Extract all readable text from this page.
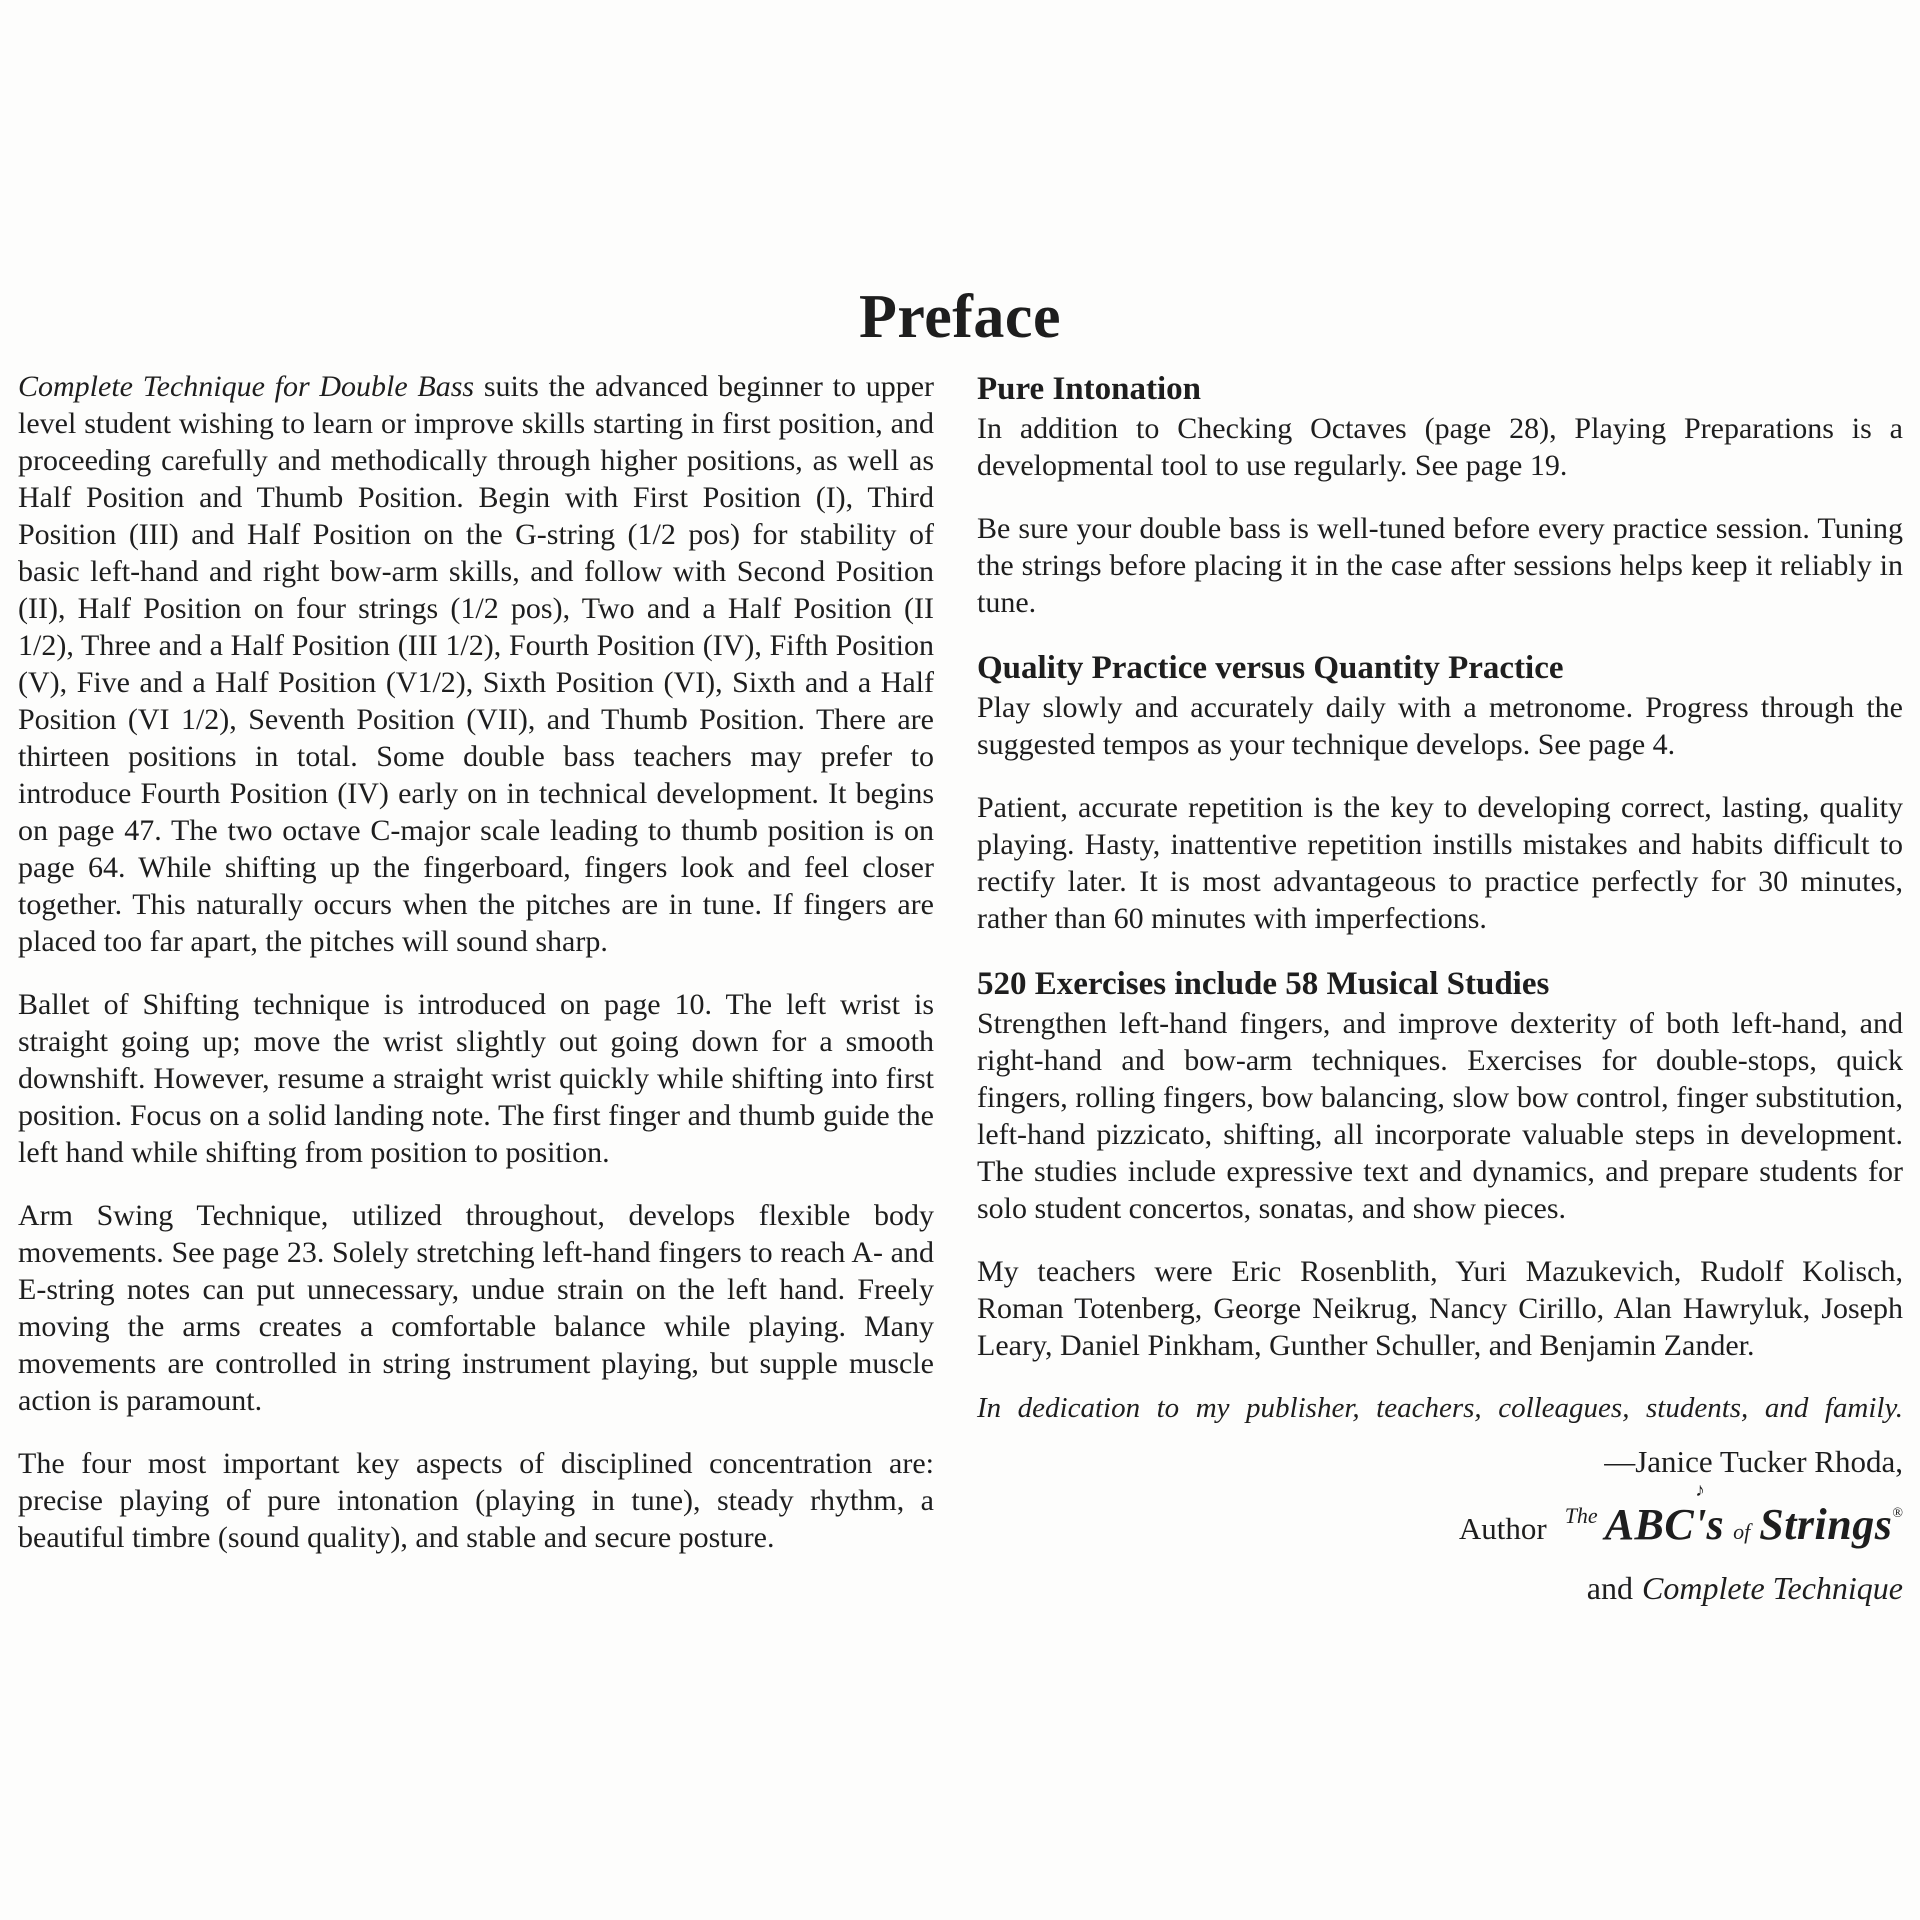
Preface

Complete Technique for Double Bass suits the advanced beginner to upper level student wishing to learn or improve skills starting in first position, and proceeding carefully and methodically through higher positions, as well as Half Position and Thumb Position. Begin with First Position (I), Third Position (III) and Half Position on the G-string (1/2 pos) for stability of basic left-hand and right bow-arm skills, and follow with Second Position (II), Half Position on four strings (1/2 pos), Two and a Half Position (II 1/2), Three and a Half Position (III 1/2), Fourth Position (IV), Fifth Position (V), Five and a Half Position (V1/2), Sixth Position (VI), Sixth and a Half Position (VI 1/2), Seventh Position (VII), and Thumb Position. There are thirteen positions in total. Some double bass teachers may prefer to introduce Fourth Position (IV) early on in technical development. It begins on page 47. The two octave C-major scale leading to thumb position is on page 64. While shifting up the fingerboard, fingers look and feel closer together. This naturally occurs when the pitches are in tune. If fingers are placed too far apart, the pitches will sound sharp.

Ballet of Shifting technique is introduced on page 10. The left wrist is straight going up; move the wrist slightly out going down for a smooth downshift. However, resume a straight wrist quickly while shifting into first position. Focus on a solid landing note. The first finger and thumb guide the left hand while shifting from position to position.

Arm Swing Technique, utilized throughout, develops flexible body movements. See page 23. Solely stretching left-hand fingers to reach A- and E-string notes can put unnecessary, undue strain on the left hand. Freely moving the arms creates a comfortable balance while playing. Many movements are controlled in string instrument playing, but supple muscle action is paramount.

The four most important key aspects of disciplined concentration are: precise playing of pure intonation (playing in tune), steady rhythm, a beautiful timbre (sound quality), and stable and secure posture.

Pure Intonation

In addition to Checking Octaves (page 28), Playing Preparations is a developmental tool to use regularly. See page 19.

Be sure your double bass is well-tuned before every practice session. Tuning the strings before placing it in the case after sessions helps keep it reliably in tune.

Quality Practice versus Quantity Practice

Play slowly and accurately daily with a metronome. Progress through the suggested tempos as your technique develops. See page 4.

Patient, accurate repetition is the key to developing correct, lasting, quality playing. Hasty, inattentive repetition instills mistakes and habits difficult to rectify later. It is most advantageous to practice perfectly for 30 minutes, rather than 60 minutes with imperfections.

520 Exercises include 58 Musical Studies

Strengthen left-hand fingers, and improve dexterity of both left-hand, and right-hand and bow-arm techniques. Exercises for double-stops, quick fingers, rolling fingers, bow balancing, slow bow control, finger substitution, left-hand pizzicato, shifting, all incorporate valuable steps in development. The studies include expressive text and dynamics, and prepare students for solo student concertos, sonatas, and show pieces.

My teachers were Eric Rosenblith, Yuri Mazukevich, Rudolf Kolisch, Roman Totenberg, George Neikrug, Nancy Cirillo, Alan Hawryluk, Joseph Leary, Daniel Pinkham, Gunther Schuller, and Benjamin Zander.

In dedication to my publisher, teachers, colleagues, students, and family.

—Janice Tucker Rhoda,
Author The ABC
♪
's of Strings®
and Complete Technique
